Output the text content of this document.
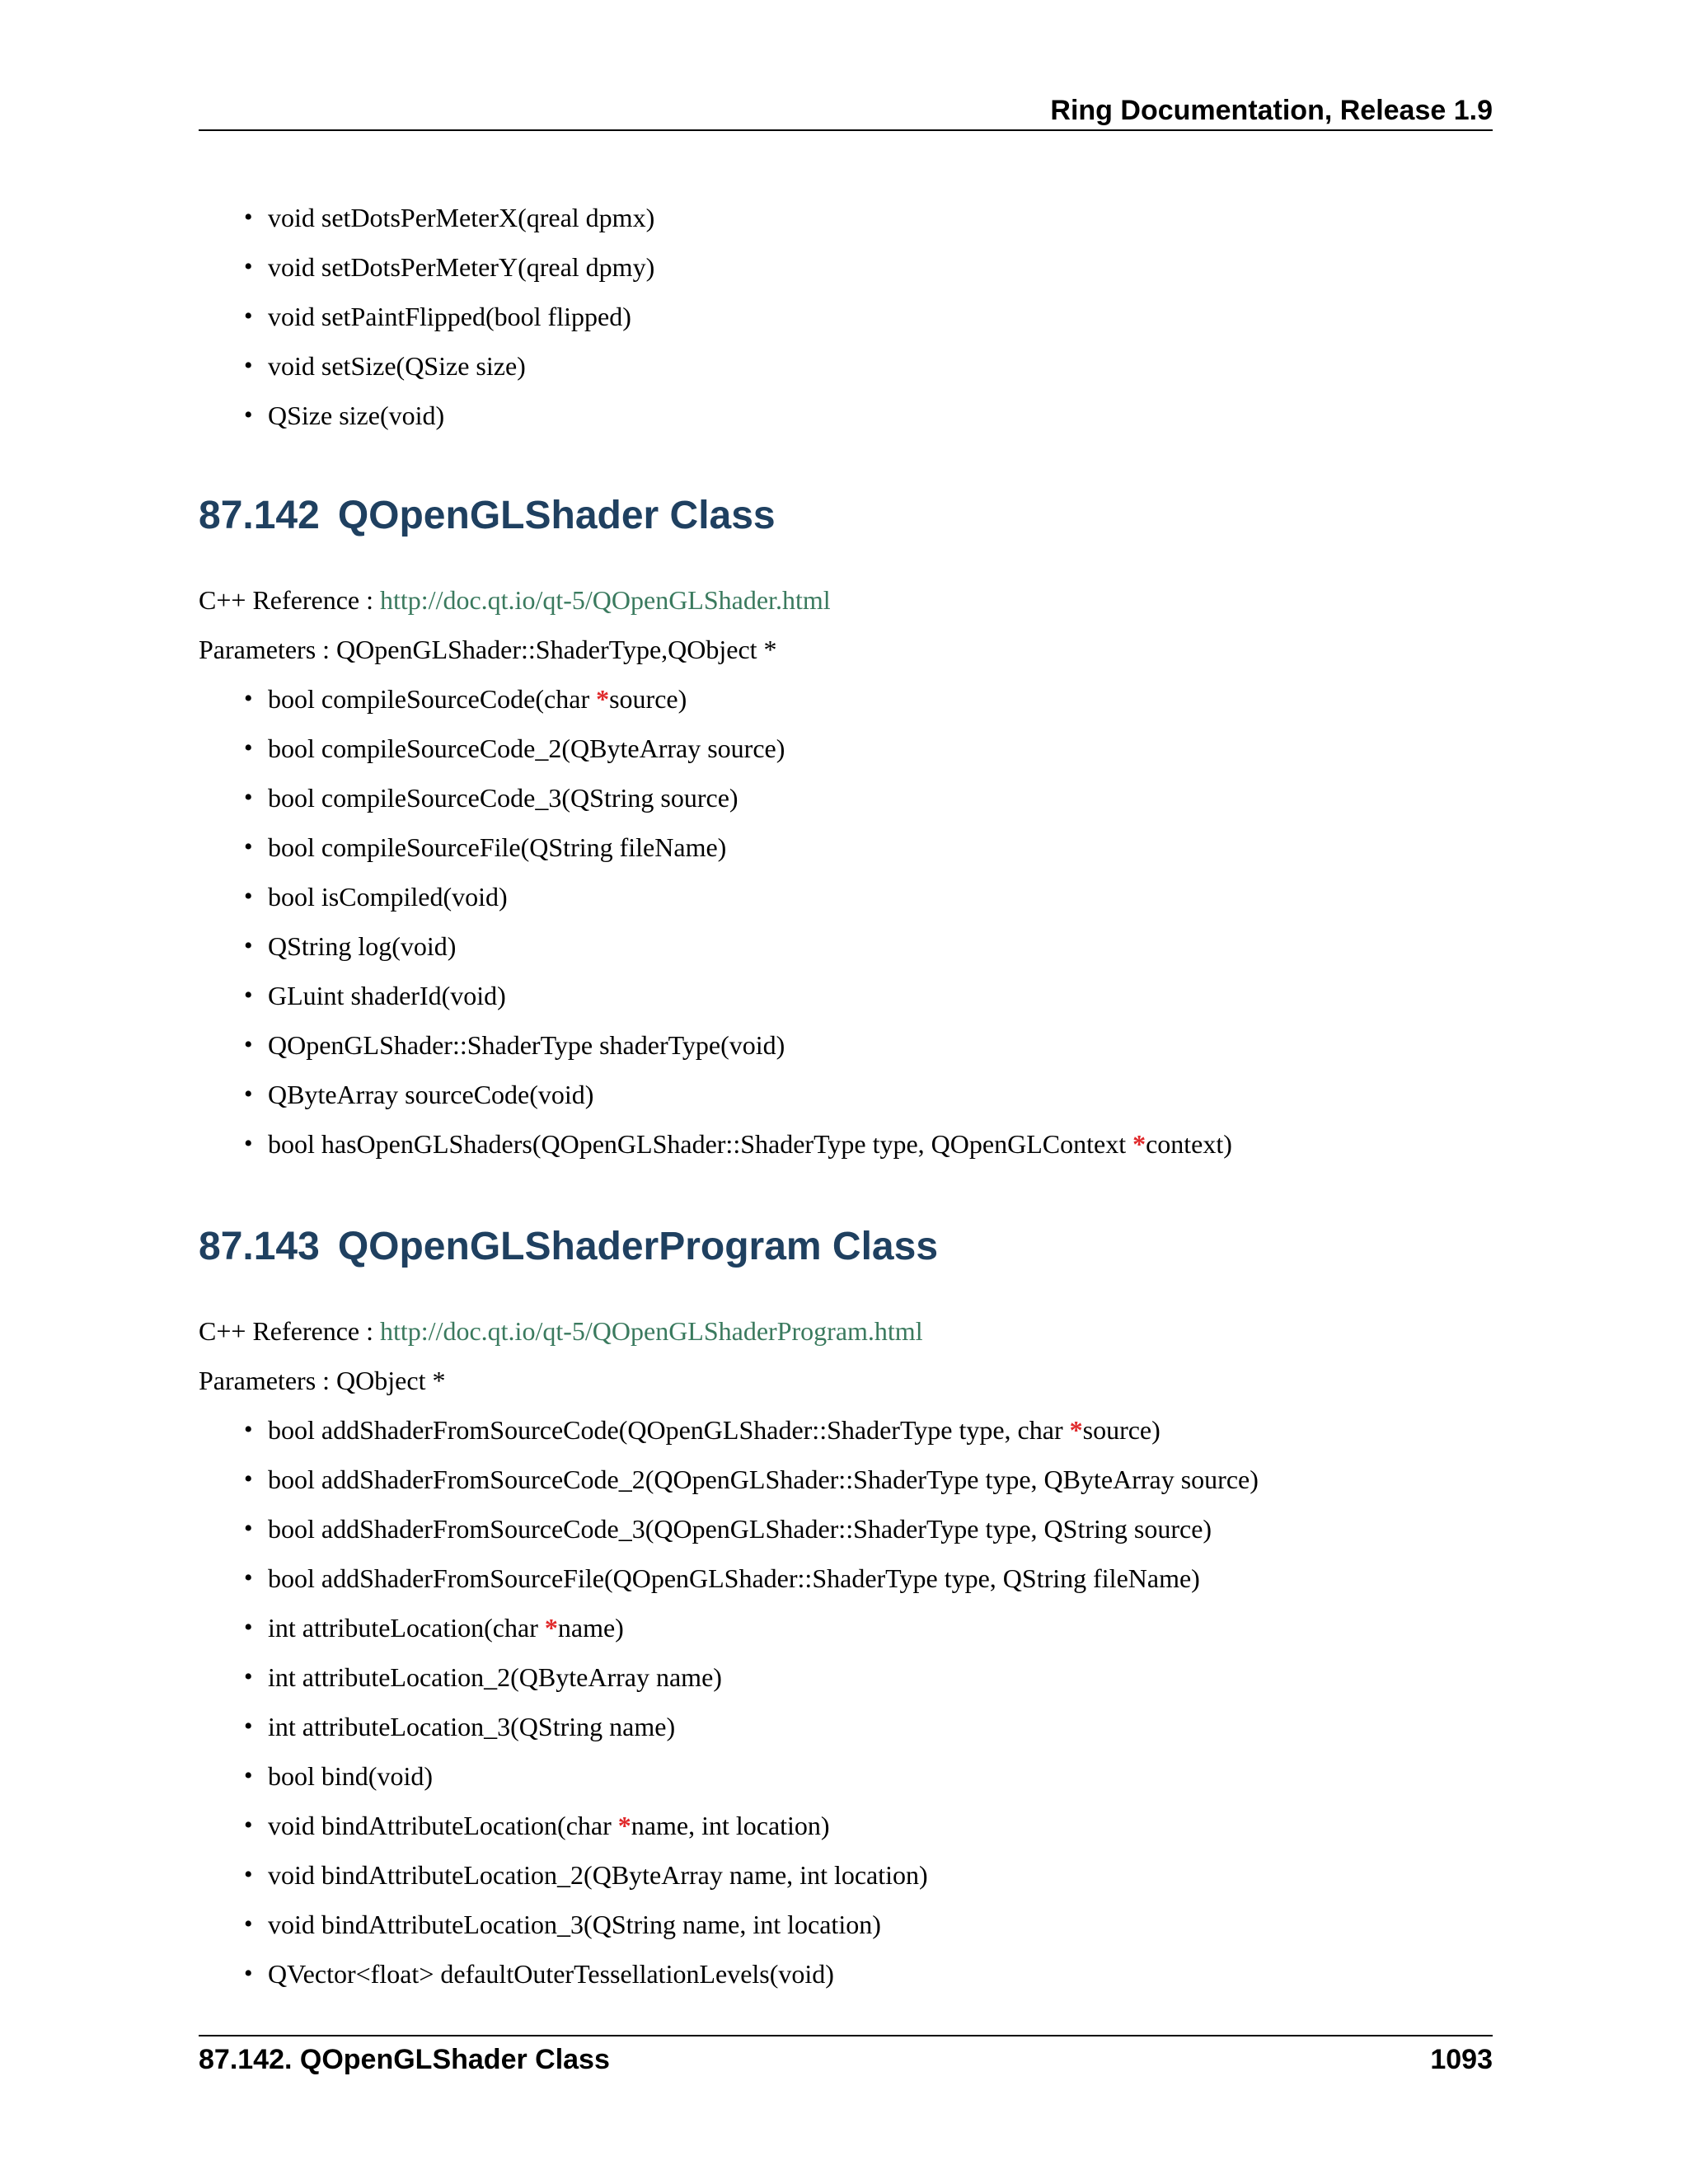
Ring Documentation, Release 1.9
• void setDotsPerMeterX(qreal dpmx)
• void setDotsPerMeterY(qreal dpmy)
• void setPaintFlipped(bool flipped)
• void setSize(QSize size)
• QSize size(void)
87.142 QOpenGLShader Class

C++ Reference : http://doc.qt.io/qt-5/QOpenGLShader.html

Parameters : QOpenGLShader::ShaderType,QObject *

• bool compileSourceCode(char *source)
• bool compileSourceCode_2(QByteArray source)
• bool compileSourceCode_3(QString source)
• bool compileSourceFile(QString fileName)
• bool isCompiled(void)
• QString log(void)
• GLuint shaderId(void)
• QOpenGLShader::ShaderType shaderType(void)
• QByteArray sourceCode(void)
• bool hasOpenGLShaders(QOpenGLShader::ShaderType type, QOpenGLContext *context)
87.143 QOpenGLShaderProgram Class

C++ Reference : http://doc.qt.io/qt-5/QOpenGLShaderProgram.html

Parameters : QObject *

• bool addShaderFromSourceCode(QOpenGLShader::ShaderType type, char *source)
• bool addShaderFromSourceCode_2(QOpenGLShader::ShaderType type, QByteArray source)
• bool addShaderFromSourceCode_3(QOpenGLShader::ShaderType type, QString source)
• bool addShaderFromSourceFile(QOpenGLShader::ShaderType type, QString fileName)
• int attributeLocation(char *name)
• int attributeLocation_2(QByteArray name)
• int attributeLocation_3(QString name)
• bool bind(void)
• void bindAttributeLocation(char *name, int location)
• void bindAttributeLocation_2(QByteArray name, int location)
• void bindAttributeLocation_3(QString name, int location)
• QVector<float> defaultOuterTessellationLevels(void)
87.142. QOpenGLShader Class	1093
